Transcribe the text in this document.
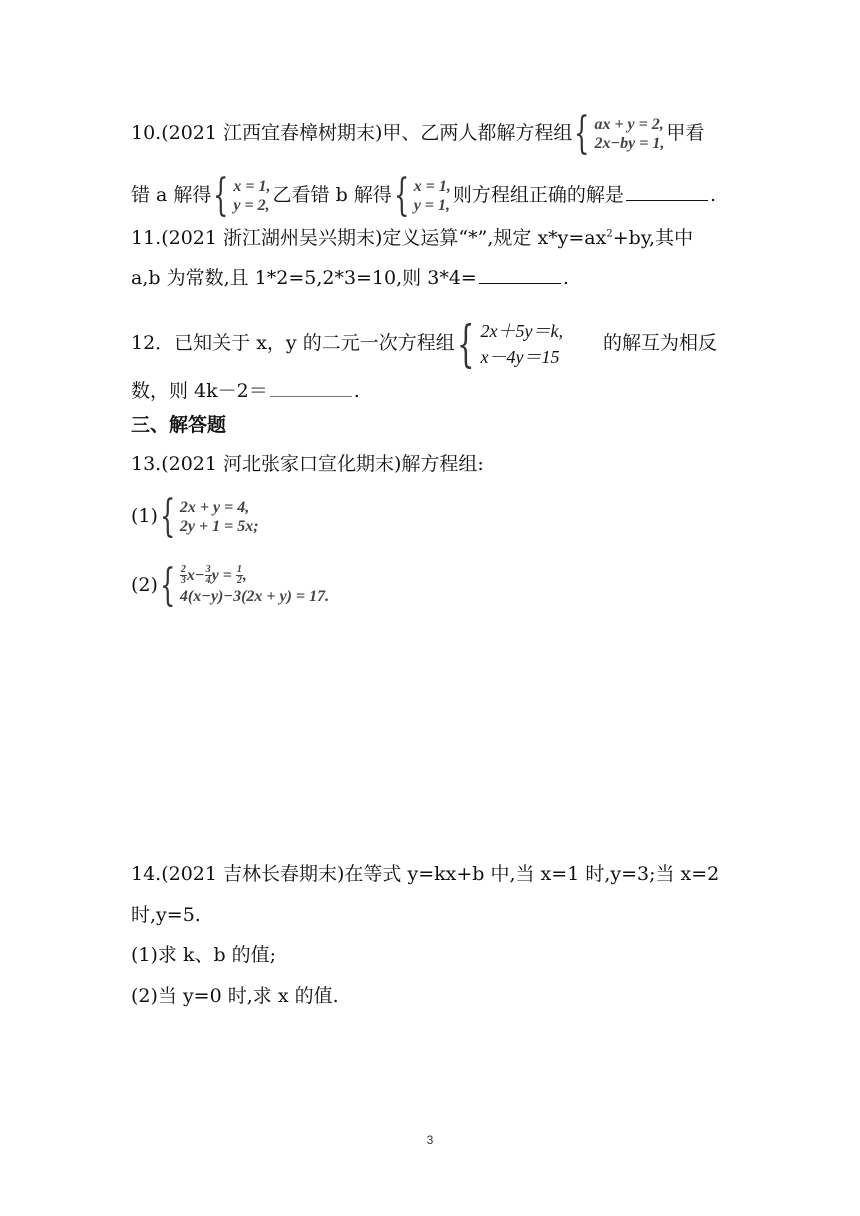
10.(2021 江西宜春樟树期末)甲、乙两人都解方程组 { ax + y = 2,
2x−by = 1, 甲看
错 a 解得 { x = 1,
y = 2, 乙看错 b 解得 { x = 1,
y = 1, 则方程组正确的解是	.
11.(2021 浙江湖州吴兴期末)定义运算“*”,规定 $x*y=ax^2+by$,其中
a,b 为常数,且 1*2=5,2*3=10,则 3*4=	.
12．已知关于 x，y 的二元一次方程组 { 2x＋5y＝k,
x－4y＝15
的解互为相反
数，则 4k－2＝	.
三、解答题
13.(2021 河北张家口宣化期末)解方程组:
(1) { 2x + y = 4,
2y + 1 = 5x;
(2) { $\frac{2}{3} x- \frac{3}{4}$ $y = \frac{1}{2}$ ,
4(x−y)−3(2x + y) = 17.
14.(2021 吉林长春期末)在等式 y=kx+b 中,当 x=1 时,y=3;当 x=2
时,y=5.
(1)求 k、b 的值;
(2)当 y=0 时,求 x 的值.
3
